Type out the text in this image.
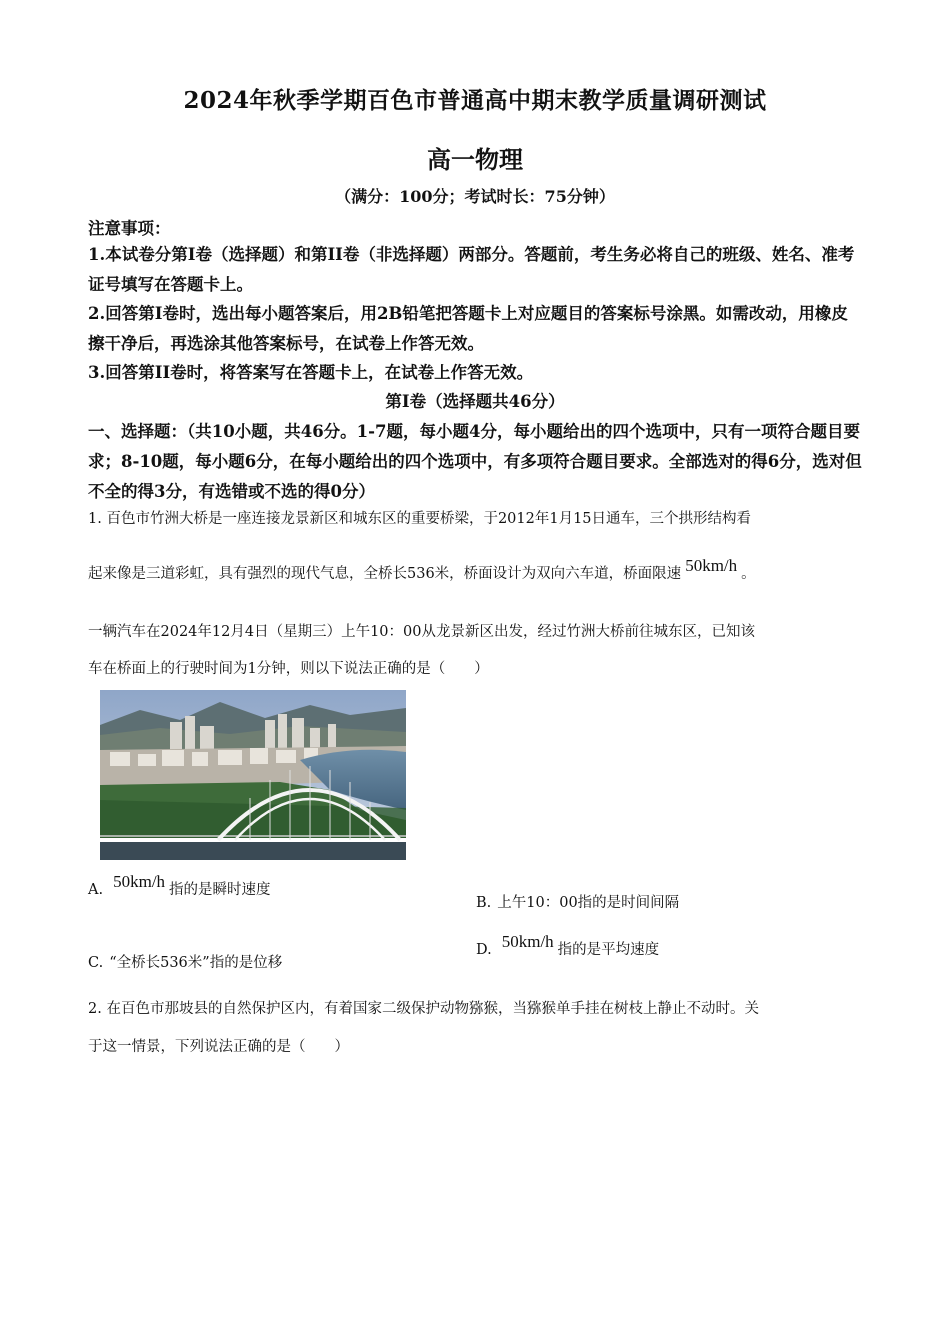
2024年秋季学期百色市普通高中期末教学质量调研测试
高一物理
（满分：100分；考试时长：75分钟）
注意事项：
1.本试卷分第I卷（选择题）和第II卷（非选择题）两部分。答题前，考生务必将自己的班级、姓名、准考证号填写在答题卡上。
2.回答第I卷时，选出每小题答案后，用2B铅笔把答题卡上对应题目的答案标号涂黑。如需改动，用橡皮擦干净后，再选涂其他答案标号，在试卷上作答无效。
3.回答第II卷时，将答案写在答题卡上，在试卷上作答无效。
第I卷（选择题共46分）
一、选择题：（共10小题，共46分。1-7题，每小题4分，每小题给出的四个选项中，只有一项符合题目要求；8-10题，每小题6分，在每小题给出的四个选项中，有多项符合题目要求。全部选对的得6分，选对但不全的得3分，有选错或不选的得0分）
1. 百色市竹洲大桥是一座连接龙景新区和城东区的重要桥梁，于2012年1月15日通车，三个拱形结构看
起来像是三道彩虹，具有强烈的现代气息，全桥长536米，桥面设计为双向六车道，桥面限速 50km/h 。
一辆汽车在2024年12月4日（星期三）上午10：00从龙景新区出发，经过竹洲大桥前往城东区，已知该
车在桥面上的行驶时间为1分钟，则以下说法正确的是（　　）
A. 50km/h 指的是瞬时速度
B. 上午10：00指的是时间间隔
C. “全桥长536米”指的是位移
D. 50km/h 指的是平均速度
2. 在百色市那坡县的自然保护区内，有着国家二级保护动物猕猴，当猕猴单手挂在树枝上静止不动时。关
于这一情景，下列说法正确的是（　　）
